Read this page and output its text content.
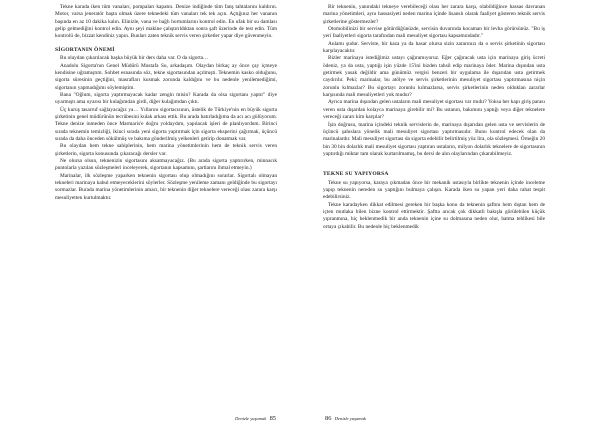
Tekne karada iken tüm vanaları, pompaları kapatın. Denize indiğinde tüm fanş tahtalarını kaldırın. Motor, varsa jeneratör başta olmak üzere teknedeki tüm vanaları tek tek açın. Açtığınız her vananın başında en az 10 dakika kalın. Elinizle, vana ve bağlı hortumlarını kontrol edin. En ufak bir su damlası gelip gelmediğini kontrol edin. Aynı şeyi makine çalıştırıldıktan sonra şaft üzerinde de test edin. Tüm kontrolü de, bizzat kendiniz yapın. Bunları zaten teknik servis veren şirketler yapar diye güvenmeyin.

SİGORTANIN ÖNEMİ

Bu olaydan çıkarılacak başka büyük bir ders daha var. O da sigorta…

Anadolu Sigorta'nın Genel Müdürü Mustafa Su, arkadaşım. Olaydan birkaç ay önce çay içmeye kendisine uğramıştım. Sohbet esnasında söz, tekne sigortasından açılmıştı. Teknemin kasko olduğunu, sigorta süresinin geçtiğini, masrafları kusmak zorunda kaldığını ve bu nedenle yenilemediğimi, sigortanın yapmadığımı söylemiştim.

Bana "Oğlum, sigorta yaptırmayacak kadar zengin misin? Karada da olsa sigortanı yaptır" diye uyarmıştı ama uyarısı bir kulağımdan girdi, diğer kulağımdan çıktı.

Üç kuruş tasarruf sağlayacağız ya… Yıllarını sigortacısının, üstelik de Türkiye'nin en büyük sigorta şirketinin genel müdürünün tecrübesini kulak arkası ettik. Bu arada hatırladığıma da acı acı gülüyorum. Tekne denize inmeden önce Marmaris'e doğru yoldaydım, yapılacak işleri de planlıyordum. Birinci sırada teknemin temizliği, ikinci sırada yeni sigorta yaptırmak için sigorta eksperini çağırmak, üçüncü sırada da daha önceden sökülmüş ve bakıma gönderilmiş yelkenleri getirip donatmak var.

Bu olaydan hem tekne sahiplerinin, hem marina yönetimlerinin hem de teknik servis veren şirketlerin, sigorta konusunda çıkaracağı dersler var.

Ne olursa olsun, teknenizin sigortasını aksatmayacağız. (Bu arada sigorta yaptırırken, minnacık puntolarla yazılan sözleşmeleri inceleyerek, sigortanın kapsamını, şartlarını ihmal etmeyin.)

Marinalar, ilk sözleşme yaparken teknenin sigortası olup olmadığını sorarlar. Sigortalı olmayan tekneleri marinaya kabul etmeyeceklerini söylerler. Sözleşme yenileme zamanı geldiğinde bu sigortayı sormazlar. Burada marina yönetimlerinin amacı, bir teknenin diğer teknelere vereceği olası zarara karşı mesuliyetten kurtulmaktır.

Denizle yaşamak 85

Bir teknenin, yanındaki tekneye verebileceği olası her zarara karşı, olabildiğince hassas davranan marina yönetimleri, aynı hassasiyeti neden marina içinde lisanslı olarak faaliyet gösteren teknik servis şirketlerine göstermezler?

Otomobilinizi bir servise götürdüğünüzde, servisin duvarında kocaman bir levha görürsünüz. "Bu iş yeri faaliyetleri sigorta tarafından mali mesuliyet sigortası kapsamındadır."

Anlamı şudur. Serviste, bir kaza ya da hasar olursa sizin zararınızı da o servis şirketinin sigortası karşılayacaktır.

Bizler marinaya istediğimiz ustayı çağıramıyoruz. Eğer çağıracak usta için marinaya giriş ücreti ödeniz, ya da usta, yaptığı işin yüzde 15'ini bizden tahsil edip marinaya öder. Marina dışından usta getirmek yasak değildir ama günümüz vergisi benzeri bir uygulama ile dışarıdan usta getirmek caydırılır. Peki; marinalar, bu atölye ve servis şirketlerinin mesuliyet sigortası yaptırmasına niçin zorunlu kılmazlar? Bu sigortayı zorunlu kılmazlarsa, servis şirketlerinin neden olduklan zararlar karşısında mali mesuliyetleri yok mudur?

Ayrıca marina dışından gelen ustaların mali mesuliyet sigortası var mıdır? Yoksa her kapı giriş parası veren usta dışardan kolayca marinaya girebilir mi? Bu ustanın, bakımını yaptığı veya diğer teknelere vereceği zararı kim karşılar?

İşin doğrusu, marina içindeki teknik servislerin de, marinaya dışarıdan gelen usta ve servislerin de üçüncü şahıslara yönelik mali mesuliyet sigortası yaptırmasıdır. Bunu kontrol edecek olan da marinalardır. Mali mesuliyet sigortası da sigorta edebilir belirtilmiş yüz lira, ola sözleşmesi. Örneğin 20 bin 30 bin dolarlık mali mesuliyet sigortası yaptıran ustaların, milyon dolarlık teknelere de sigortasının yaptırdığı miktar tam olarak kurtarılmamış, bu dersi de alın olaylarından çıkarabilmeyiz.

TEKNE SU YAPIYORSA

Tekne su yapıyorsa, karaya çıkmadan önce bir mekanik ustasıyla birlikte teknenin içinde inceleme yapıp teknenin nereden su yaptığını bulmaya çalışın. Karada iken su yapan yeri daha rahat tespit edebilirsiniz.

Tekne karadayken dikkat edilmesi gereken bir başka konu da teknenin şaftını hem dıştan hem de içten mutlaka bilen bizne kontrol ettirmektir. Şaftta arıcak çok dikkatli bakışla görülebilen küçük yıpranmına, hiç beklenmedik bir anda teknenin içine su dolmasına neden olur, batma tehlikesi bile ortaya çıkabilir. Bu nedenle hiç beklenmedik

86 Denizle yaşamak
